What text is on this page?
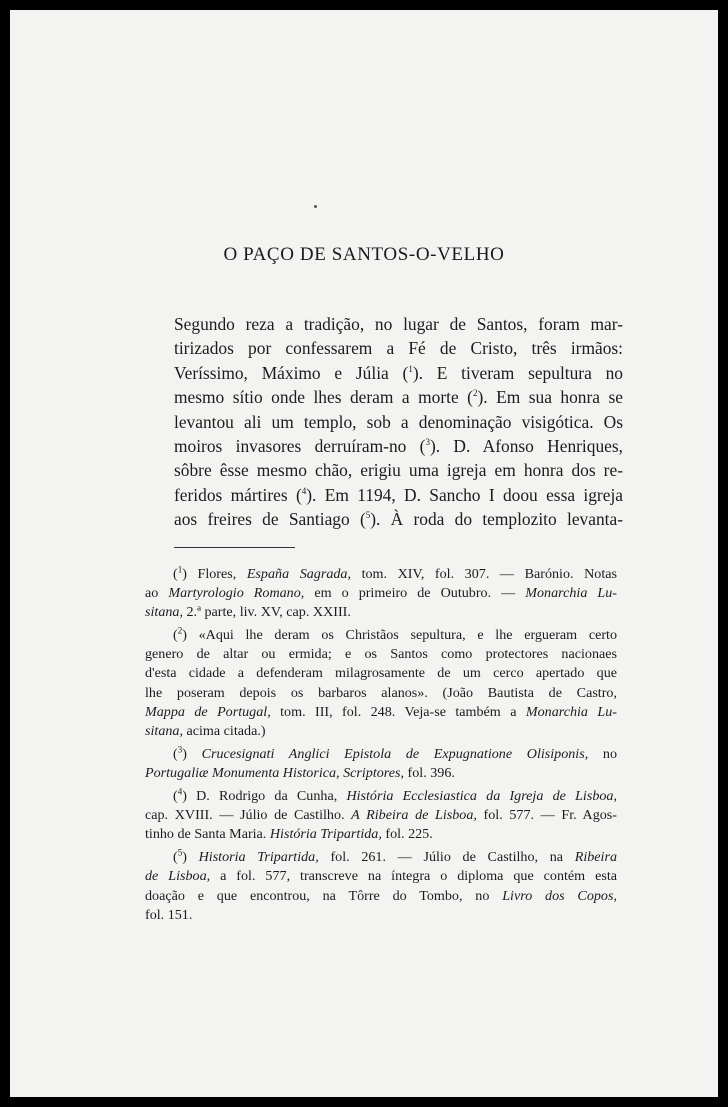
O PAÇO DE SANTOS-O-VELHO
Segundo reza a tradição, no lugar de Santos, foram mar-
tirizados por confessarem a Fé de Cristo, três irmãos:
Veríssimo, Máximo e Júlia ($^1$). E tiveram sepultura no
mesmo sítio onde lhes deram a morte ($^2$). Em sua honra se
levantou ali um templo, sob a denominação visigótica. Os
moiros invasores derruíram-no ($^3$). D. Afonso Henriques,
sôbre êsse mesmo chão, erigiu uma igreja em honra dos re-
feridos mártires ($^4$). Em 1194, D. Sancho I doou essa igreja
aos freires de Santiago ($^5$). À roda do templozito levanta-
($^1$) Flores, España Sagrada, tom. XIV, fol. 307. — Barónio. Notas
ao Martyrologio Romano, em o primeiro de Outubro. — Monarchia Lu-
sitana, 2.ª parte, liv. XV, cap. XXIII.
($^2$) «Aqui lhe deram os Christãos sepultura, e lhe ergueram certo
genero de altar ou ermida; e os Santos como protectores nacionaes
d'esta cidade a defenderam milagrosamente de um cerco apertado que
lhe poseram depois os barbaros alanos». (João Bautista de Castro,
Mappa de Portugal, tom. III, fol. 248. Veja-se também a Monarchia Lu-
sitana, acima citada.)
($^3$) Crucesignati Anglici Epistola de Expugnatione Olisiponis, no
Portugaliæ Monumenta Historica, Scriptores, fol. 396.
($^4$) D. Rodrigo da Cunha, História Ecclesiastica da Igreja de Lisboa,
cap. XVIII. — Júlio de Castilho. A Ribeira de Lisboa, fol. 577. — Fr. Agos-
tinho de Santa Maria. História Tripartida, fol. 225.
($^5$) Historia Tripartida, fol. 261. — Júlio de Castilho, na Ribeira
de Lisboa, a fol. 577, transcreve na íntegra o diploma que contém esta
doação e que encontrou, na Tôrre do Tombo, no Livro dos Copos,
fol. 151.
